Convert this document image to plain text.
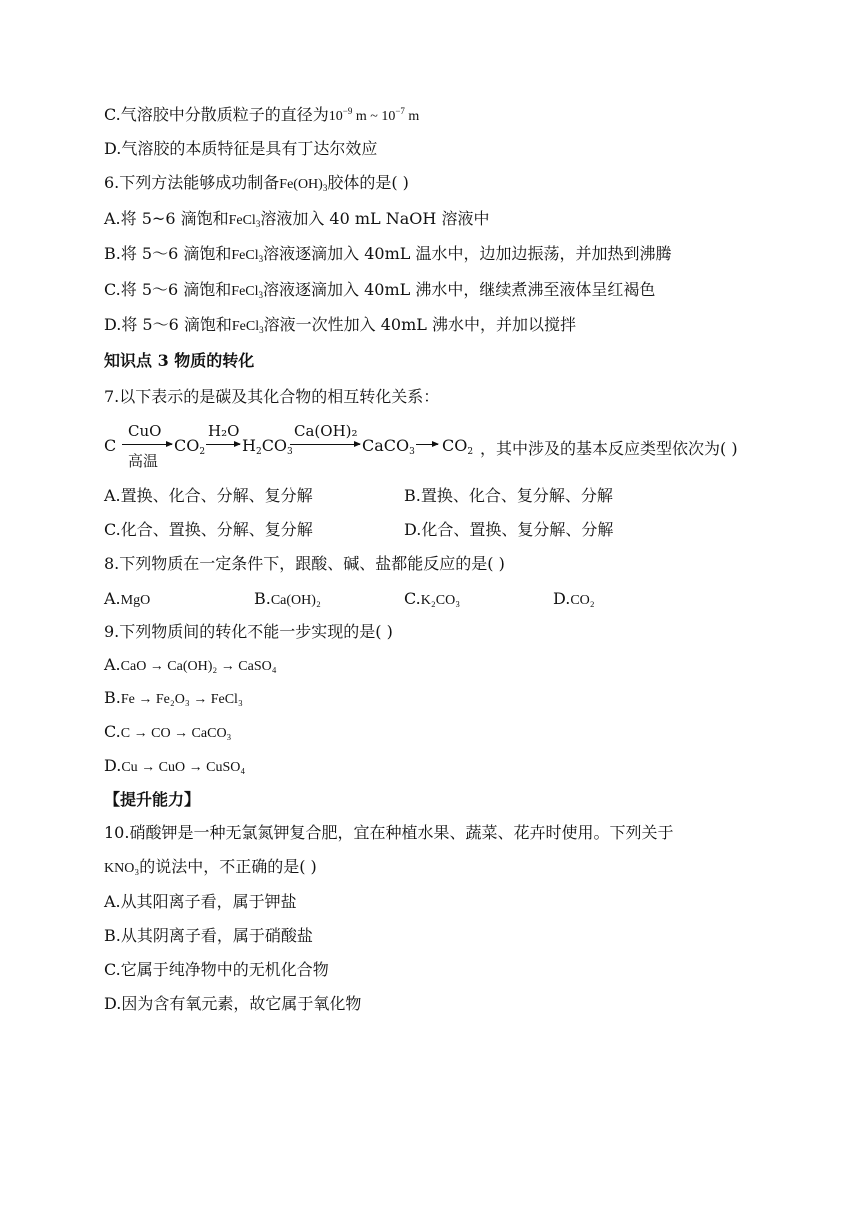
C.气溶胶中分散质粒子的直径为$10^{-9}$ m ~ $10^{-7}$ m
D.气溶胶的本质特征是具有丁达尔效应
6.下列方法能够成功制备$Fe(OH)_3$胶体的是( )
A.将 5~6 滴饱和FeCl$_3$溶液加入 40 mL NaOH 溶液中
B.将 5～6 滴饱和FeCl$_3$溶液逐滴加入 40mL 温水中，边加边振荡，并加热到沸腾
C.将 5～6 滴饱和FeCl$_3$溶液逐滴加入 40mL 沸水中，继续煮沸至液体呈红褐色
D.将 5～6 滴饱和FeCl$_3$溶液一次性加入 40mL 沸水中，并加以搅拌
知识点 3 物质的转化
7.以下表示的是碳及其化合物的相互转化关系：
C
CuO
高温
$CO_2$
H₂O
→ $H_2CO_3$
Ca(OH)₂
CaCO$_3$ → $CO_2$ ，其中涉及的基本反应类型依次为( )
A.置换、化合、分解、复分解	B.置换、化合、复分解、分解
C.化合、置换、分解、复分解	D.化合、置换、复分解、分解
8.下列物质在一定条件下，跟酸、碱、盐都能反应的是( )
A.MgO	B.Ca(OH)₂	C.K₂CO₃	D.CO₂
9.下列物质间的转化不能一步实现的是( )
A.CaO → Ca(OH)₂ → CaSO₄
B.Fe → Fe₂O₃ → FeCl₃
C.C → CO → CaCO₃
D.Cu → CuO → CuSO₄
【提升能力】
10.硝酸钾是一种无氯氮钾复合肥，宜在种植水果、蔬菜、花卉时使用。下列关于
KNO₃的说法中，不正确的是( )
A.从其阳离子看，属于钾盐
B.从其阴离子看，属于硝酸盐
C.它属于纯净物中的无机化合物
D.因为含有氧元素，故它属于氧化物
